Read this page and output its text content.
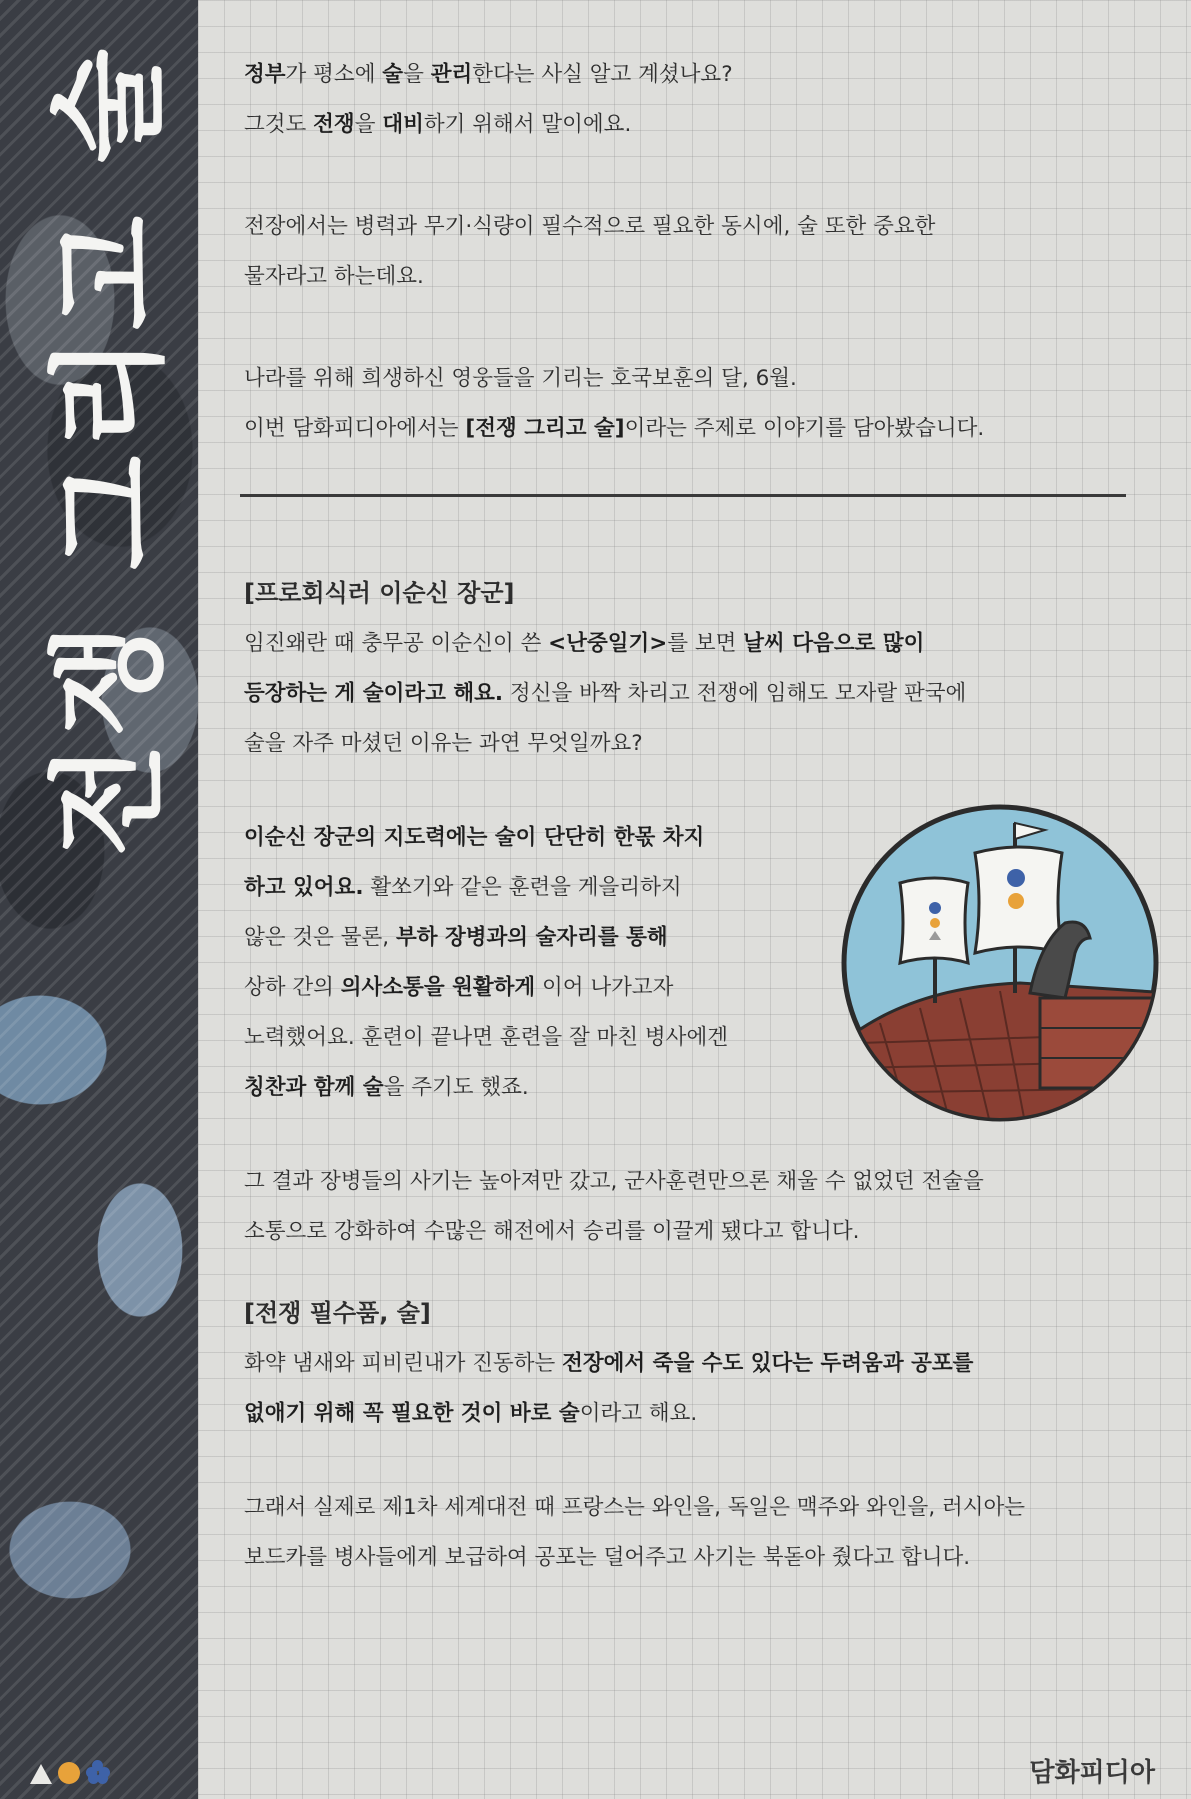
전쟁 그리고 술	정부가 평소에 술을 관리한다는 사실 알고 계셨나요?
그것도 전쟁을 대비하기 위해서 말이에요.

전장에서는 병력과 무기·식량이 필수적으로 필요한 동시에, 술 또한 중요한
물자라고 하는데요.

나라를 위해 희생하신 영웅들을 기리는 호국보훈의 달, 6월.
이번 담화피디아에서는 [전쟁 그리고 술]이라는 주제로 이야기를 담아봤습니다.

[프로회식러 이순신 장군]

임진왜란 때 충무공 이순신이 쓴 <난중일기>를 보면 날씨 다음으로 많이
등장하는 게 술이라고 해요. 정신을 바짝 차리고 전쟁에 임해도 모자랄 판국에
술을 자주 마셨던 이유는 과연 무엇일까요?

이순신 장군의 지도력에는 술이 단단히 한몫 차지
하고 있어요. 활쏘기와 같은 훈련을 게을리하지
않은 것은 물론, 부하 장병과의 술자리를 통해
상하 간의 의사소통을 원활하게 이어 나가고자
노력했어요. 훈련이 끝나면 훈련을 잘 마친 병사에겐
칭찬과 함께 술을 주기도 했죠.

그 결과 장병들의 사기는 높아져만 갔고, 군사훈련만으론 채울 수 없었던 전술을
소통으로 강화하여 수많은 해전에서 승리를 이끌게 됐다고 합니다.

[전쟁 필수품, 술]

화약 냄새와 피비린내가 진동하는 전장에서 죽을 수도 있다는 두려움과 공포를
없애기 위해 꼭 필요한 것이 바로 술이라고 해요.

그래서 실제로 제1차 세계대전 때 프랑스는 와인을, 독일은 맥주와 와인을, 러시아는
보드카를 병사들에게 보급하여 공포는 덜어주고 사기는 북돋아 줬다고 합니다.

담화피디아
